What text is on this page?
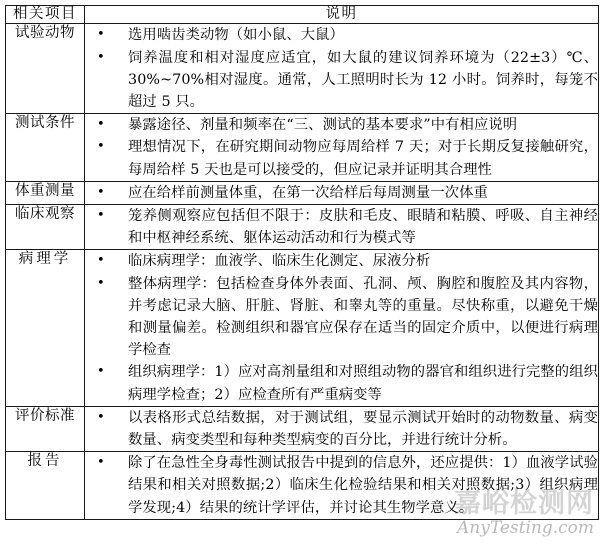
嘉峪检测网
AnyTesting.com
相关项目	说明
试验动物	
•选用啮齿类动物（如小鼠、大鼠）
• 饲养温度和相对湿度应适宜，如大鼠的建议饲养环境为（22±3）℃、30%~70%相对湿度。通常，人工照明时长为 12 小时。饲养时，每笼不超过 5 只。

测试条件	
•暴露途径、剂量和频率在“三、测试的基本要求”中有相应说明
• 理想情况下，在研究期间动物应每周给样 7 天；对于长期反复接触研究，每周给样 5 天也是可以接受的，但应记录并证明其合理性

体重测量	
•应在给样前测量体重，在第一次给样后每周测量一次体重

临床观察	
•笼养侧观察应包括但不限于：皮肤和毛皮、眼睛和粘膜、呼吸、自主神经和中枢神经系统、躯体运动活动和行为模式等

病理学	
•临床病理学：血液学、临床生化测定、尿液分析
• 整体病理学：包括检查身体外表面、孔洞、颅、胸腔和腹腔及其内容物，并考虑记录大脑、肝脏、肾脏、和睾丸等的重量。尽快称重，以避免干燥和测量偏差。检测组织和器官应保存在适当的固定介质中，以便进行病理学检查
• 组织病理学：1）应对高剂量组和对照组动物的器官和组织进行完整的组织病理学检查；2）应检查所有严重病变等

评价标准	
•以表格形式总结数据，对于测试组，要显示测试开始时的动物数量、病变数量、病变类型和每种类型病变的百分比，并进行统计分析。

报告	
•除了在急性全身毒性测试报告中提到的信息外，还应提供：1）血液学试验结果和相关对照数据;2）临床生化检验结果和相关对照数据;3）组织病理学发现;4）结果的统计学评估，并讨论其生物学意义。
